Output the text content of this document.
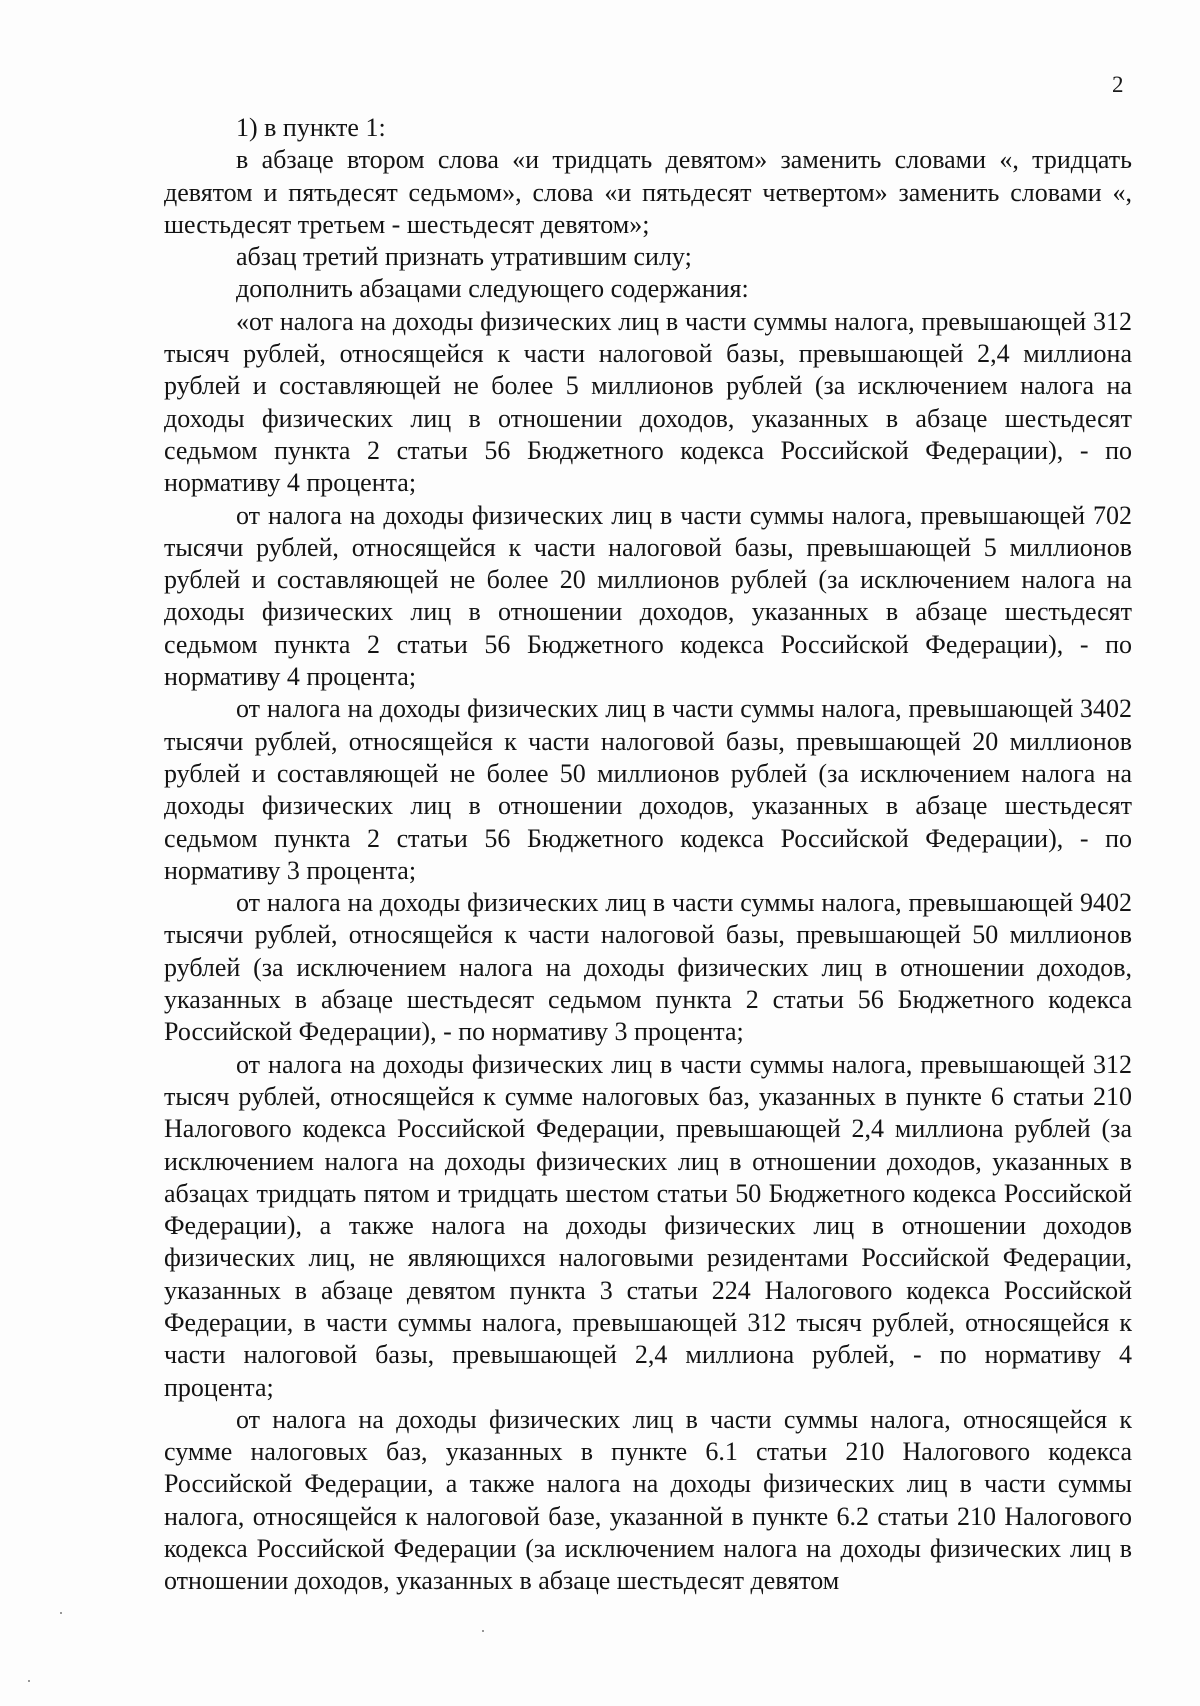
2

1) в пункте 1:

в абзаце втором слова «и тридцать девятом» заменить словами «, тридцать девятом и пятьдесят седьмом», слова «и пятьдесят четвертом» заменить словами «, шестьдесят третьем - шестьдесят девятом»;

абзац третий признать утратившим силу;

дополнить абзацами следующего содержания:

«от налога на доходы физических лиц в части суммы налога, превышающей 312 тысяч рублей, относящейся к части налоговой базы, превышающей 2,4 миллиона рублей и составляющей не более 5 миллионов рублей (за исключением налога на доходы физических лиц в отношении доходов, указанных в абзаце шестьдесят седьмом пункта 2 статьи 56 Бюджетного кодекса Российской Федерации), - по нормативу 4 процента;

от налога на доходы физических лиц в части суммы налога, превышающей 702 тысячи рублей, относящейся к части налоговой базы, превышающей 5 миллионов рублей и составляющей не более 20 миллионов рублей (за исключением налога на доходы физических лиц в отношении доходов, указанных в абзаце шестьдесят седьмом пункта 2 статьи 56 Бюджетного кодекса Российской Федерации), - по нормативу 4 процента;

от налога на доходы физических лиц в части суммы налога, превышающей 3402 тысячи рублей, относящейся к части налоговой базы, превышающей 20 миллионов рублей и составляющей не более 50 миллионов рублей (за исключением налога на доходы физических лиц в отношении доходов, указанных в абзаце шестьдесят седьмом пункта 2 статьи 56 Бюджетного кодекса Российской Федерации), - по нормативу 3 процента;

от налога на доходы физических лиц в части суммы налога, превышающей 9402 тысячи рублей, относящейся к части налоговой базы, превышающей 50 миллионов рублей (за исключением налога на доходы физических лиц в отношении доходов, указанных в абзаце шестьдесят седьмом пункта 2 статьи 56 Бюджетного кодекса Российской Федерации), - по нормативу 3 процента;

от налога на доходы физических лиц в части суммы налога, превышающей 312 тысяч рублей, относящейся к сумме налоговых баз, указанных в пункте 6 статьи 210 Налогового кодекса Российской Федерации, превышающей 2,4 миллиона рублей (за исключением налога на доходы физических лиц в отношении доходов, указанных в абзацах тридцать пятом и тридцать шестом статьи 50 Бюджетного кодекса Российской Федерации), а также налога на доходы физических лиц в отношении доходов физических лиц, не являющихся налоговыми резидентами Российской Федерации, указанных в абзаце девятом пункта 3 статьи 224 Налогового кодекса Российской Федерации, в части суммы налога, превышающей 312 тысяч рублей, относящейся к части налоговой базы, превышающей 2,4 миллиона рублей, - по нормативу 4 процента;

от налога на доходы физических лиц в части суммы налога, относящейся к сумме налоговых баз, указанных в пункте 6.1 статьи 210 Налогового кодекса Российской Федерации, а также налога на доходы физических лиц в части суммы налога, относящейся к налоговой базе, указанной в пункте 6.2 статьи 210 Налогового кодекса Российской Федерации (за исключением налога на доходы физических лиц в отношении доходов, указанных в абзаце шестьдесят девятом
